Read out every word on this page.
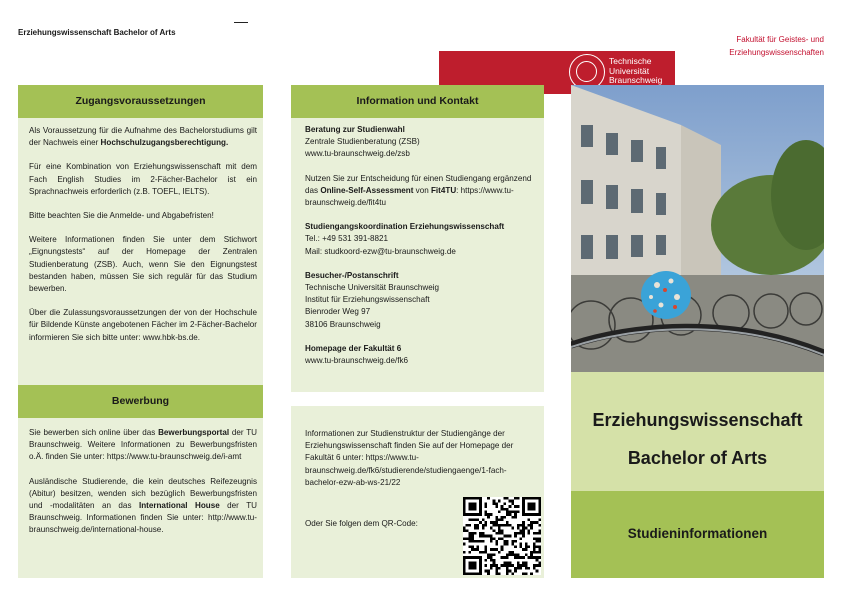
Erziehungswissenschaft Bachelor of Arts
Fakultät für Geistes- und
Erziehungswissenschaften
Technische
Universität
Braunschweig
Zugangsvoraussetzungen

Als Voraussetzung für die Aufnahme des Bachelorstudiums gilt der Nachweis einer Hochschulzugangsberechtigung.

Für eine Kombination von Erziehungswissenschaft mit dem Fach English Studies im 2-Fächer-Bachelor ist ein Sprachnachweis erforderlich (z.B. TOEFL, IELTS).

Bitte beachten Sie die Anmelde- und Abgabefristen!

Weitere Informationen finden Sie unter dem Stichwort „Eignungstests“ auf der Homepage der Zentralen Studienberatung (ZSB). Auch, wenn Sie den Eignungstest bestanden haben, müssen Sie sich regulär für das Studium bewerben.

Über die Zulassungsvoraussetzungen der von der Hochschule für Bildende Künste angebotenen Fächer im 2-Fächer-Bachelor informieren Sie sich bitte unter: www.hbk-bs.de.

Bewerbung

Sie bewerben sich online über das Bewerbungsportal der TU Braunschweig. Weitere Informationen zu Bewerbungsfristen o.Ä. finden Sie unter: https://www.tu-braunschweig.de/i-amt

Ausländische Studierende, die kein deutsches Reifezeugnis (Abitur) besitzen, wenden sich bezüglich Bewerbungsfristen und -modalitäten an das International House der TU Braunschweig. Informationen finden Sie unter: http://www.tu-braunschweig.de/international-house.

Information und Kontakt

Beratung zur Studienwahl
Zentrale Studienberatung (ZSB)
www.tu-braunschweig.de/zsb

Nutzen Sie zur Entscheidung für einen Studiengang ergänzend das Online-Self-Assessment von Fit4TU: https://www.tu-braunschweig.de/fit4tu

Studiengangskoordination Erziehungswissenschaft
Tel.: +49 531 391-8821
Mail: studkoord-ezw@tu-braunschweig.de

Besucher-/Postanschrift
Technische Universität Braunschweig
Institut für Erziehungswissenschaft
Bienroder Weg 97
38106 Braunschweig

Homepage der Fakultät 6
www.tu-braunschweig.de/fk6

Informationen zur Studienstruktur der Studiengänge der Erziehungswissenschaft finden Sie auf der Homepage der Fakultät 6 unter: https://www.tu-braunschweig.de/fk6/studierende/studiengaenge/1-fach-bachelor-ezw-ab-ws-21/22
Oder Sie folgen dem QR-Code:
Erziehungswissenschaft
Bachelor of Arts
Studieninformationen
